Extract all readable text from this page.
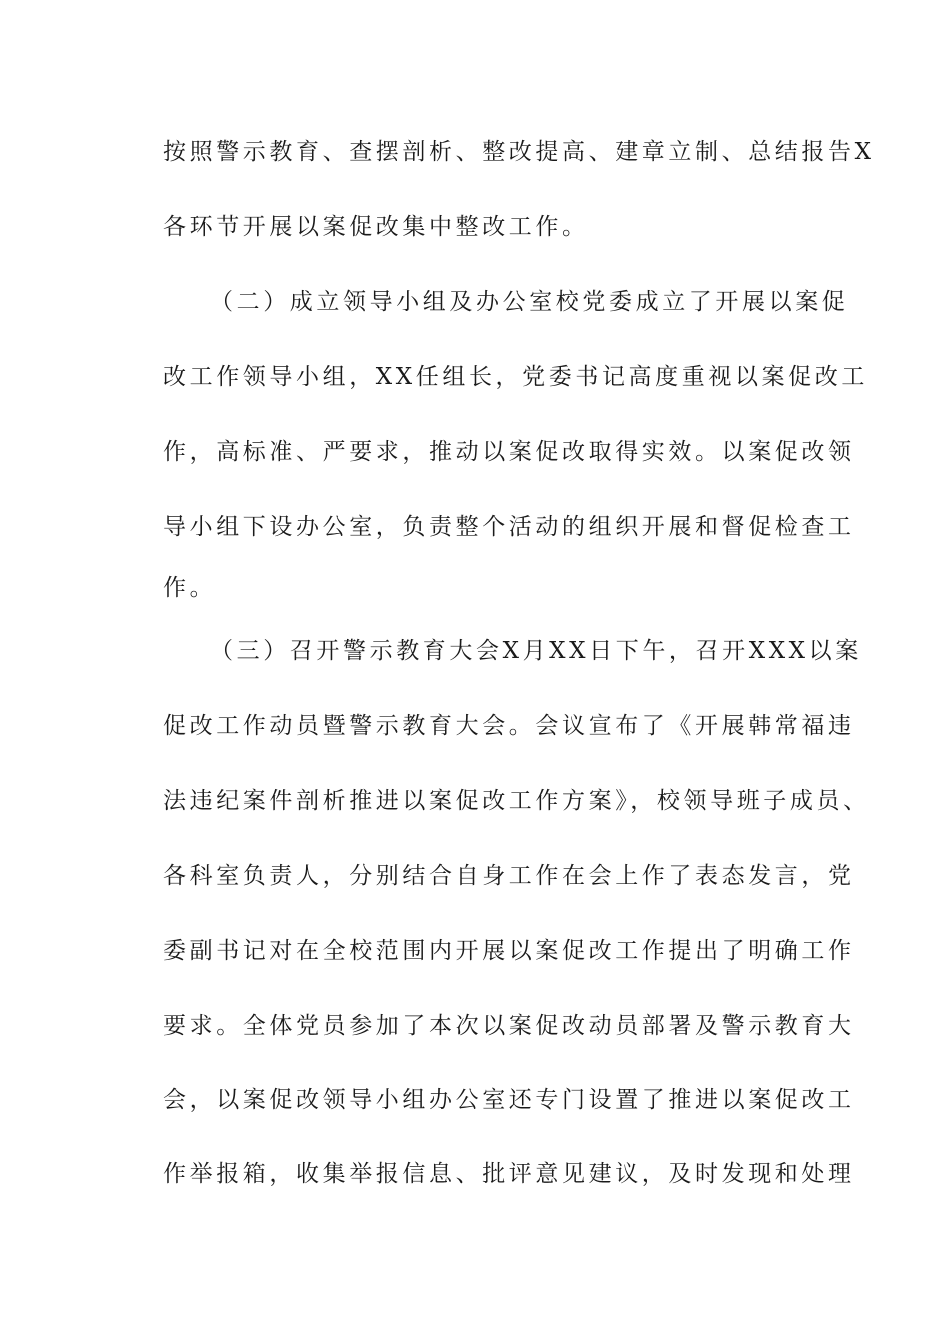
按照警示教育、查摆剖析、整改提高、建章立制、总结报告X
各环节开展以案促改集中整改工作。
（二）成立领导小组及办公室校党委成立了开展以案促
改工作领导小组，XX任组长，党委书记高度重视以案促改工
作，高标准、严要求，推动以案促改取得实效。以案促改领
导小组下设办公室，负责整个活动的组织开展和督促检查工
作。
（三）召开警示教育大会X月XX日下午，召开XXX以案
促改工作动员暨警示教育大会。会议宣布了《开展韩常福违
法违纪案件剖析推进以案促改工作方案》，校领导班子成员、
各科室负责人，分别结合自身工作在会上作了表态发言，党
委副书记对在全校范围内开展以案促改工作提出了明确工作
要求。全体党员参加了本次以案促改动员部署及警示教育大
会，以案促改领导小组办公室还专门设置了推进以案促改工
作举报箱，收集举报信息、批评意见建议，及时发现和处理
